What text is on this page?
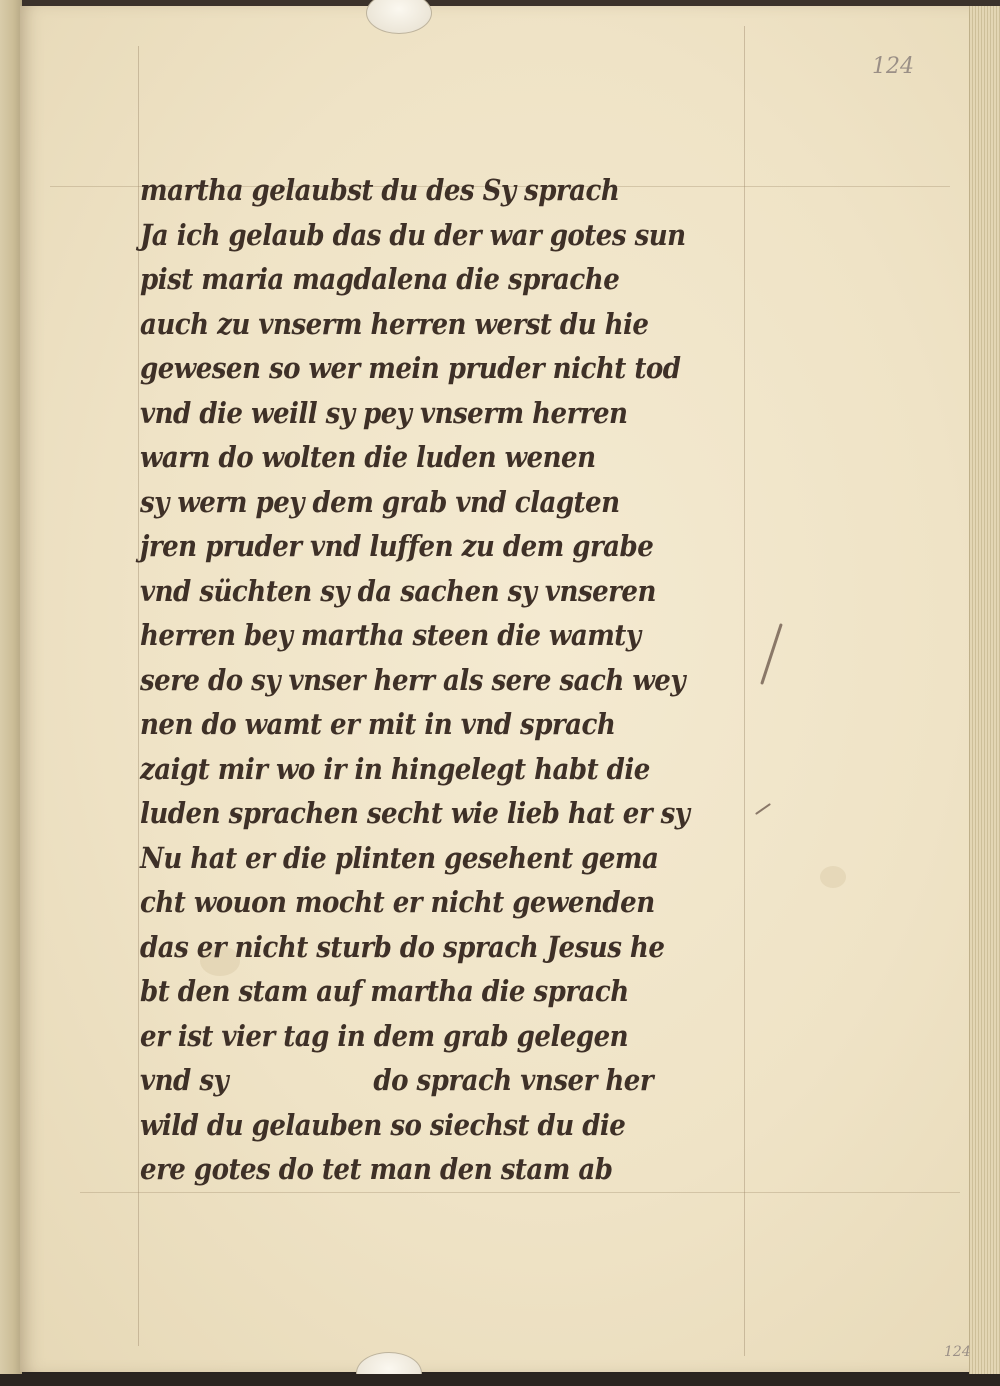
124
124
martha gelaubst du des Sy sprach
Ja ich gelaub das du der war gotes sun
pist maria magdalena die sprache
auch zu vnserm herren werst du hie
gewesen so wer mein pruder nicht tod
vnd die weill sy pey vnserm herren
warn do wolten die luden wenen
sy wern pey dem grab vnd clagten
jren pruder vnd luffen zu dem grabe
vnd süchten sy da sachen sy vnseren
herren bey martha steen die wamty
sere do sy vnser herr als sere sach wey
nen do wamt er mit in vnd sprach
zaigt mir wo ir in hingelegt habt die
luden sprachen secht wie lieb hat er sy
Nu hat er die plinten gesehent gema
cht wouon mocht er nicht gewenden
das er nicht sturb do sprach Jesus he
bt den stam auf martha die sprach
er ist vier tag in dem grab gelegen
vnd sy                 do sprach vnser her
wild du gelauben so siechst du die
ere gotes do tet man den stam ab
